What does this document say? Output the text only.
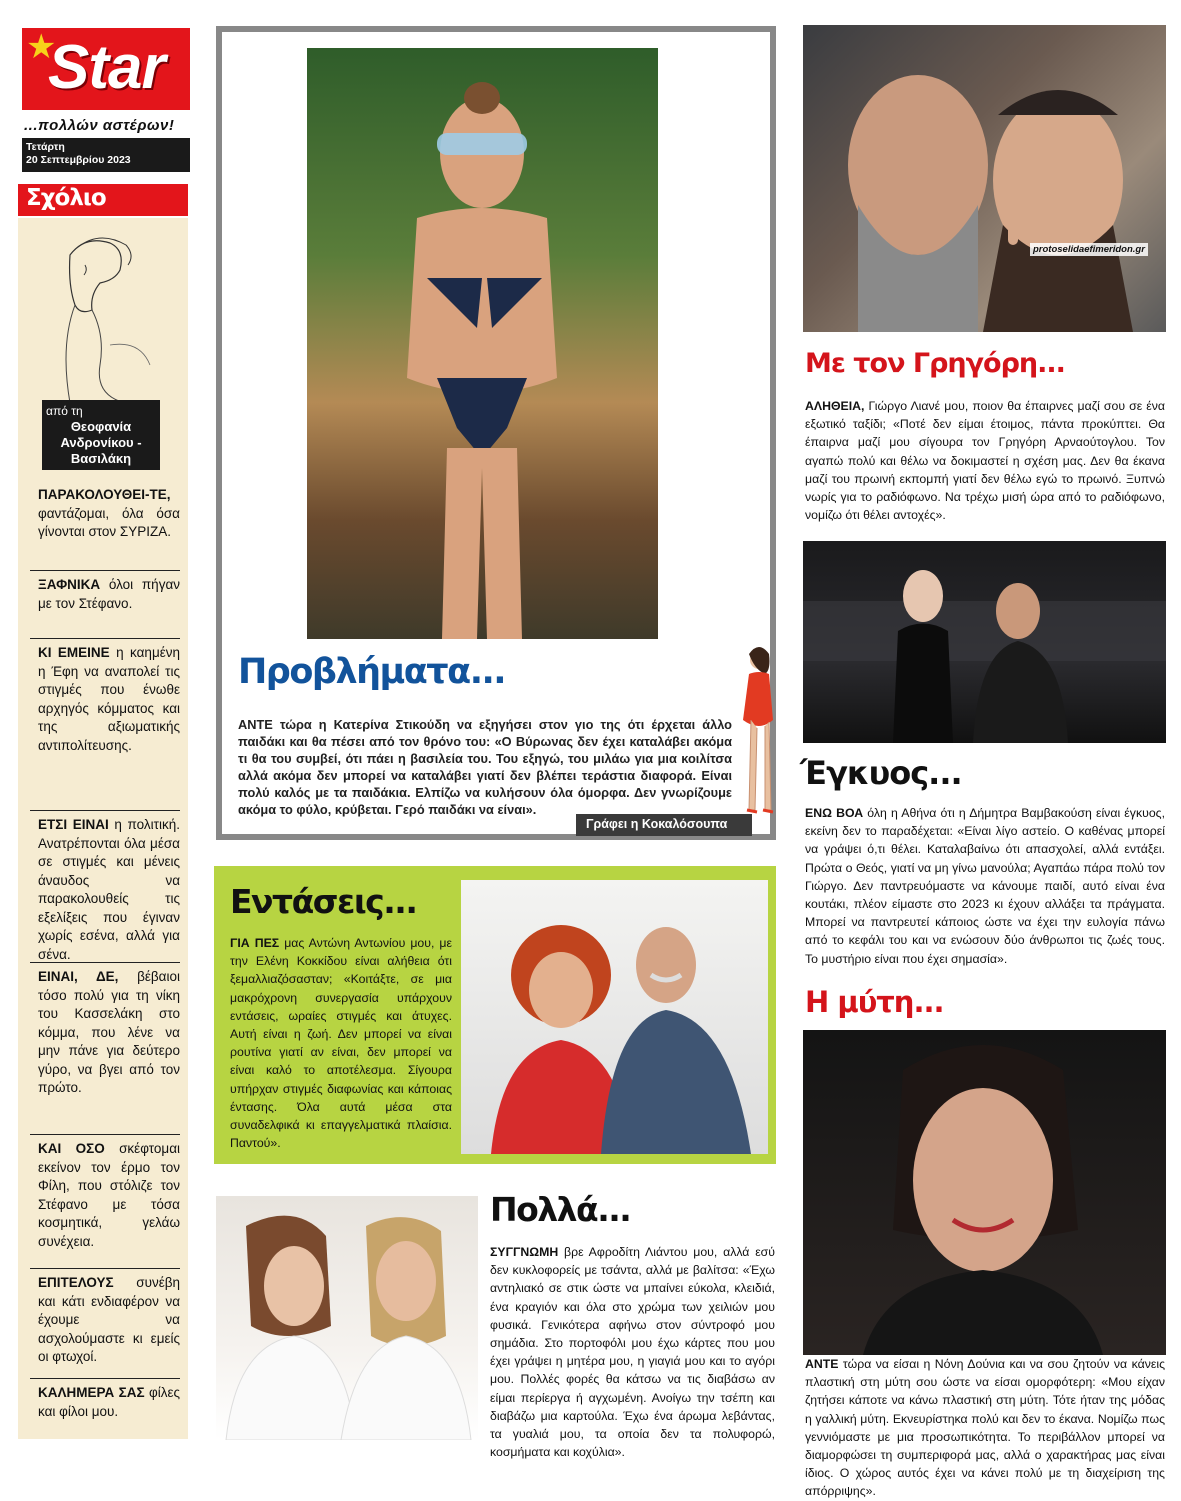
★
Star
...πολλών αστέρων!
Τετάρτη
20 Σεπτεμβρίου 2023
Σχόλιο
από τη
Θεοφανία Ανδρονίκου - Βασιλάκη
ΠΑΡΑΚΟΛΟΥΘΕΙ-ΤΕ, φαντάζομαι, όλα όσα γίνονται στον ΣΥΡΙΖΑ.
ΞΑΦΝΙΚΑ όλοι πήγαν με τον Στέφανο.
ΚΙ ΕΜΕΙΝΕ η καημένη η Έφη να αναπολεί τις στιγμές που ένωθε αρχηγός κόμματος και της αξιωματικής αντιπολίτευσης.
ΕΤΣΙ ΕΙΝΑΙ η πολιτική. Ανατρέπονται όλα μέσα σε στιγμές και μένεις άναυδος να παρακολουθείς τις εξελίξεις που έγιναν χωρίς εσένα, αλλά για σένα.
ΕΙΝΑΙ, ΔΕ, βέβαιοι τόσο πολύ για τη νίκη του Κασσελάκη στο κόμμα, που λένε να μην πάνε για δεύτερο γύρο, να βγει από τον πρώτο.
ΚΑΙ ΟΣΟ σκέφτομαι εκείνον τον έρμο τον Φίλη, που στόλιζε τον Στέφανο με τόσα κοσμητικά, γελάω συνέχεια.
ΕΠΙΤΕΛΟΥΣ συνέβη και κάτι ενδιαφέρον να έχουμε να ασχολούμαστε κι εμείς οι φτωχοί.
ΚΑΛΗΜΕΡΑ ΣΑΣ φίλες και φίλοι μου.
Προβλήματα...
ΑΝΤΕ τώρα η Κατερίνα Στικούδη να εξηγήσει στον γιο της ότι έρχεται άλλο παιδάκι και θα πέσει από τον θρόνο του: «Ο Βύρωνας δεν έχει καταλάβει ακόμα τι θα του συμβεί, ότι πάει η βασιλεία του. Του εξηγώ, του μιλάω για μια κοιλίτσα αλλά ακόμα δεν μπορεί να καταλάβει γιατί δεν βλέπει τεράστια διαφορά. Είναι πολύ καλός με τα παιδάκια. Ελπίζω να κυλήσουν όλα όμορφα. Δεν γνωρίζουμε ακόμα το φύλο, κρύβεται. Γερό παιδάκι να είναι».
Γράφει η Κοκαλόσουπα
Εντάσεις...
ΓΙΑ ΠΕΣ μας Αντώνη Αντωνίου μου, με την Ελένη Κοκκίδου είναι αλήθεια ότι ξεμαλλιαζόσασταν; «Κοιτάξτε, σε μια μακρόχρονη συνεργασία υπάρχουν εντάσεις, ωραίες στιγμές και άτυχες. Αυτή είναι η ζωή. Δεν μπορεί να είναι ρουτίνα γιατί αν είναι, δεν μπορεί να είναι καλό το αποτέλεσμα. Σίγουρα υπήρχαν στιγμές διαφωνίας και κάποιας έντασης. Όλα αυτά μέσα στα συναδελφικά κι επαγγελματικά πλαίσια. Παντού».
Πολλά...
ΣΥΓΓΝΩΜΗ βρε Αφροδίτη Λιάντου μου, αλλά εσύ δεν κυκλοφορείς με τσάντα, αλλά με βαλίτσα: «Έχω αντηλιακό σε στικ ώστε να μπαίνει εύκολα, κλειδιά, ένα κραγιόν και όλα στο χρώμα των χειλιών μου φυσικά. Γενικότερα αφήνω στον σύντροφό μου σημάδια. Στο πορτοφόλι μου έχω κάρτες που μου έχει γράψει η μητέρα μου, η γιαγιά μου και το αγόρι μου. Πολλές φορές θα κάτσω να τις διαβάσω αν είμαι περίεργα ή αγχωμένη. Ανοίγω την τσέπη και διαβάζω μια καρτούλα. Έχω ένα άρωμα λεβάντας, τα γυαλιά μου, τα οποία δεν τα πολυφορώ, κοσμήματα και κοχύλια».
protoselidaefimeridon.gr
Με τον Γρηγόρη...
ΑΛΗΘΕΙΑ, Γιώργο Λιανέ μου, ποιον θα έπαιρνες μαζί σου σε ένα εξωτικό ταξίδι; «Ποτέ δεν είμαι έτοιμος, πάντα προκύπτει. Θα έπαιρνα μαζί μου σίγουρα τον Γρηγόρη Αρναούτογλου. Τον αγαπώ πολύ και θέλω να δοκιμαστεί η σχέση μας. Δεν θα έκανα μαζί του πρωινή εκπομπή γιατί δεν θέλω εγώ το πρωινό. Ξυπνώ νωρίς για το ραδιόφωνο. Να τρέχω μισή ώρα από το ραδιόφωνο, νομίζω ότι θέλει αντοχές».
Έγκυος...
ΕΝΩ ΒΟΑ όλη η Αθήνα ότι η Δήμητρα Βαμβακούση είναι έγκυος, εκείνη δεν το παραδέχεται: «Είναι λίγο αστείο. Ο καθένας μπορεί να γράψει ό,τι θέλει. Καταλαβαίνω ότι απασχολεί, αλλά εντάξει. Πρώτα ο Θεός, γιατί να μη γίνω μανούλα; Αγαπάω πάρα πολύ τον Γιώργο. Δεν παντρευόμαστε να κάνουμε παιδί, αυτό είναι ένα κουτάκι, πλέον είμαστε στο 2023 κι έχουν αλλάξει τα πράγματα. Μπορεί να παντρευτεί κάποιος ώστε να έχει την ευλογία πάνω από το κεφάλι του και να ενώσουν δύο άνθρωποι τις ζωές τους. Το μυστήριο είναι που έχει σημασία».
Η μύτη...
ΑΝΤΕ τώρα να είσαι η Νόνη Δούνια και να σου ζητούν να κάνεις πλαστική στη μύτη σου ώστε να είσαι ομορφότερη: «Μου είχαν ζητήσει κάποτε να κάνω πλαστική στη μύτη. Τότε ήταν της μόδας η γαλλική μύτη. Εκνευρίστηκα πολύ και δεν το έκανα. Νομίζω πως γεννιόμαστε με μια προσωπικότητα. Το περιβάλλον μπορεί να διαμορφώσει τη συμπεριφορά μας, αλλά ο χαρακτήρας μας είναι ίδιος. Ο χώρος αυτός έχει να κάνει πολύ με τη διαχείριση της απόρριψης».
